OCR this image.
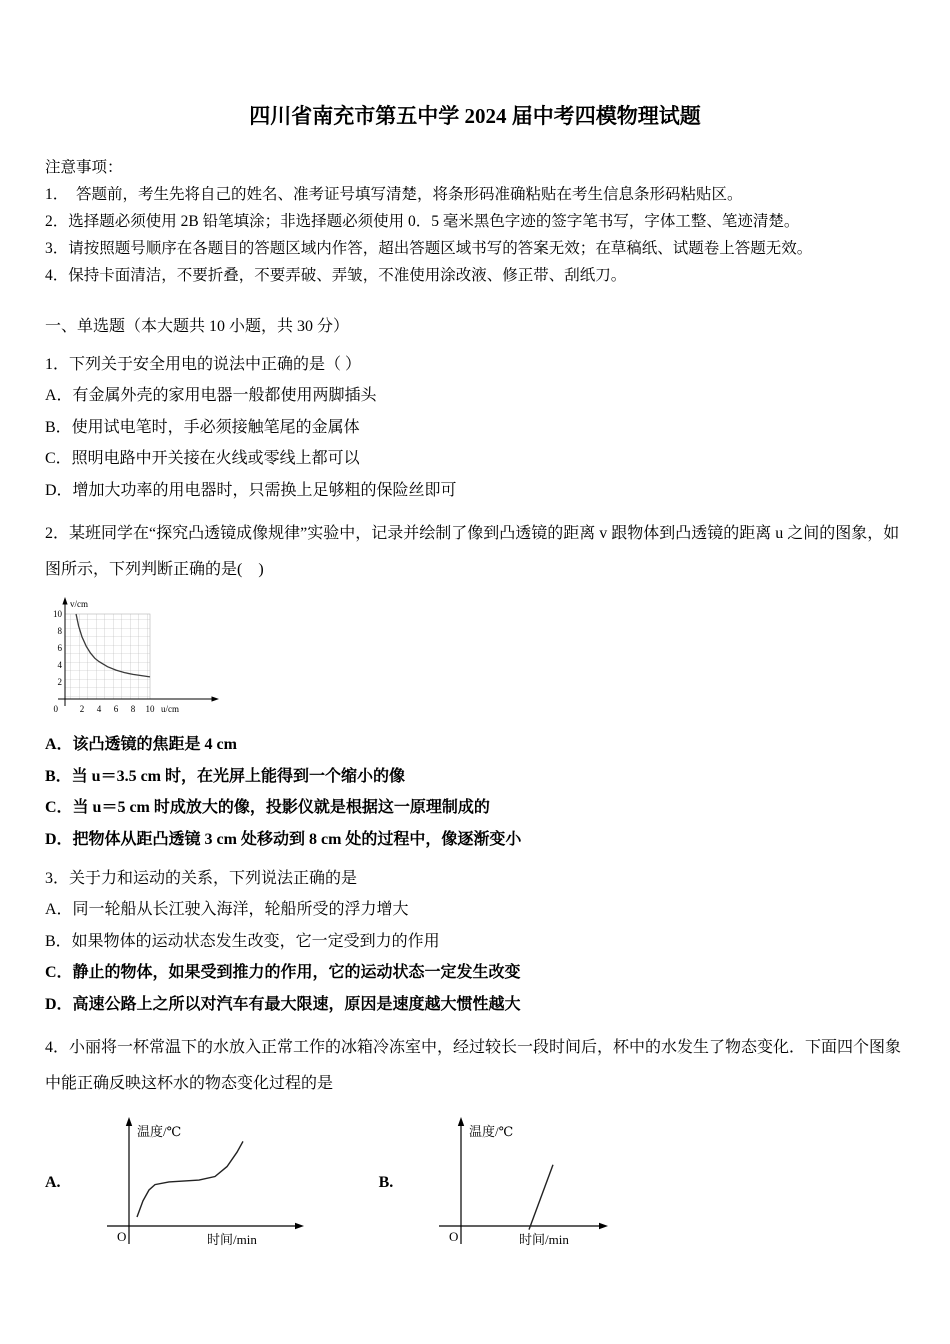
四川省南充市第五中学 2024 届中考四模物理试题

注意事项：

1．　答题前，考生先将自己的姓名、准考证号填写清楚，将条形码准确粘贴在考生信息条形码粘贴区。

2．选择题必须使用 2B 铅笔填涂；非选择题必须使用 0．5 毫米黑色字迹的签字笔书写，字体工整、笔迹清楚。

3．请按照题号顺序在各题目的答题区域内作答，超出答题区域书写的答案无效；在草稿纸、试题卷上答题无效。

4．保持卡面清洁，不要折叠，不要弄破、弄皱，不准使用涂改液、修正带、刮纸刀。

一、单选题（本大题共 10 小题，共 30 分）

1．下列关于安全用电的说法中正确的是（ ）

A．有金属外壳的家用电器一般都使用两脚插头

B．使用试电笔时，手必须接触笔尾的金属体

C．照明电路中开关接在火线或零线上都可以

D．增加大功率的用电器时，只需换上足够粗的保险丝即可

2．某班同学在“探究凸透镜成像规律”实验中，记录并绘制了像到凸透镜的距离 v 跟物体到凸透镜的距离 u 之间的图象，如图所示，下列判断正确的是(　)

v/cm
10
8
6
4
2
0 2 4 6 8 10 u/cm

A．该凸透镜的焦距是 4 cm

B．当 u＝3.5 cm 时，在光屏上能得到一个缩小的像

C．当 u＝5 cm 时成放大的像，投影仪就是根据这一原理制成的

D．把物体从距凸透镜 3 cm 处移动到 8 cm 处的过程中，像逐渐变小

3．关于力和运动的关系，下列说法正确的是

A．同一轮船从长江驶入海洋，轮船所受的浮力增大

B．如果物体的运动状态发生改变，它一定受到力的作用

C．静止的物体，如果受到推力的作用，它的运动状态一定发生改变

D．高速公路上之所以对汽车有最大限速，原因是速度越大惯性越大

4．小丽将一杯常温下的水放入正常工作的冰箱冷冻室中，经过较长一段时间后，杯中的水发生了物态变化．下面四个图象中能正确反映这杯水的物态变化过程的是

A.
温度/℃
时间/min
O
B.
温度/℃
时间/min
O
